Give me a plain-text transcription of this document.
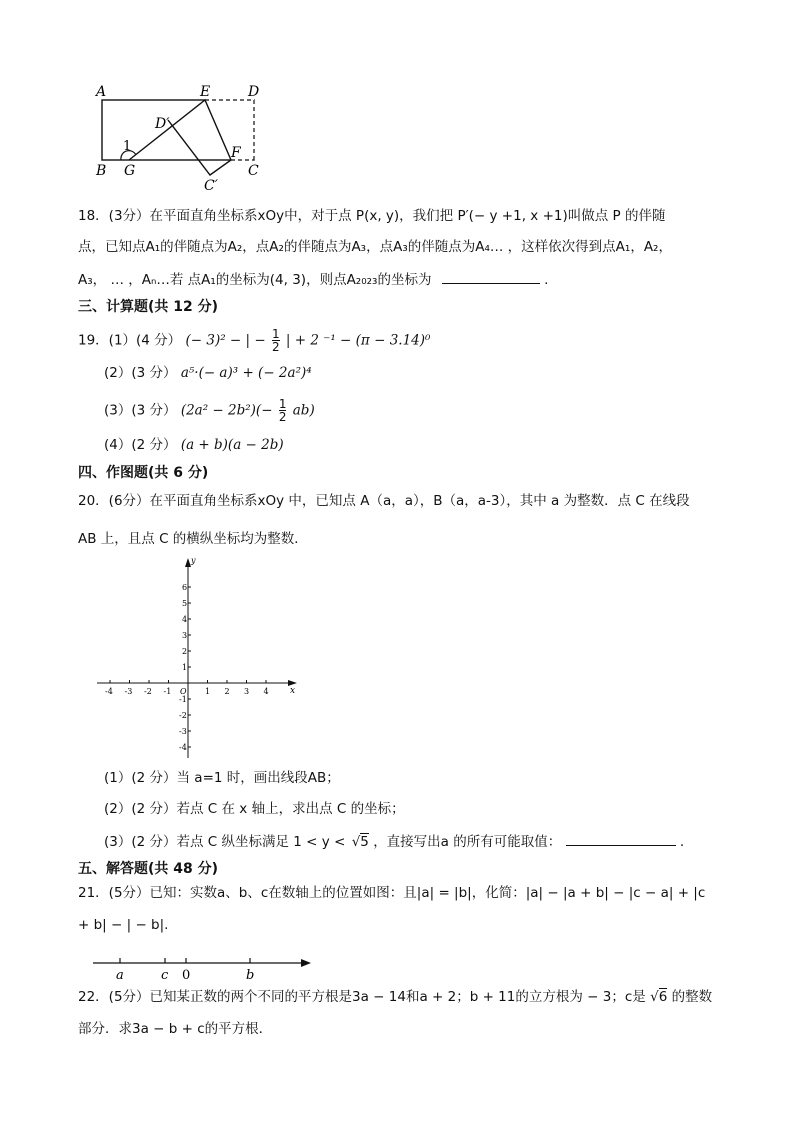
A	E	D
D′
1	F
B G	C
C′
18．(3分）在平面直角坐标系xOy中，对于点 P(x, y)，我们把 P′(− y +1, x +1)叫做点 P 的伴随
点，已知点A₁的伴随点为A₂，点A₂的伴随点为A₃，点A₃的伴随点为A₄… ，这样依次得到点A₁，A₂，
A₃， … ，Aₙ…若 点A₁的坐标为(4, 3)，则点A₂₀₂₃的坐标为	.
三、计算题(共 12 分)
19．(1）(4 分） (− 3)² − | − $\frac{1}{2}$ | + 2 ⁻¹ − (π − 3.14)⁰
(2）(3 分） a⁵·(− a)³ + (− 2a²)⁴
(3）(3 分） $(2a^2 - 2b^2)(- \frac{1}{2} ab)$
(4）(2 分） (a + b)(a − 2b)
四、作图题(共 6 分)
20．(6分）在平面直角坐标系xOy 中，已知点 A（a，a），B（a，a-3），其中 a 为整数．点 C 在线段
AB 上，且点 C 的横纵坐标均为整数．
y
x
O
-4 -3 -2 -1	1 2 3 4
6
5
4
3
2
1
-1
-2
-3
-4
(1）(2 分）当 a=1 时，画出线段AB；
(2）(2 分）若点 C 在 x 轴上，求出点 C 的坐标；
(3）(2 分）若点 C 纵坐标满足 1 < y < √5 ，直接写出a 的所有可能取值：	.
五、解答题(共 48 分)
21．(5分）已知：实数a、b、c在数轴上的位置如图：且|a| = |b|，化简：|a| − |a + b| − |c − a| + |c
+ b| − | − b|.
a	c 0	b
22．(5分）已知某正数的两个不同的平方根是3a − 14和a + 2；b + 11的立方根为 − 3；c是 √6 的整数
部分．求3a − b + c的平方根．
